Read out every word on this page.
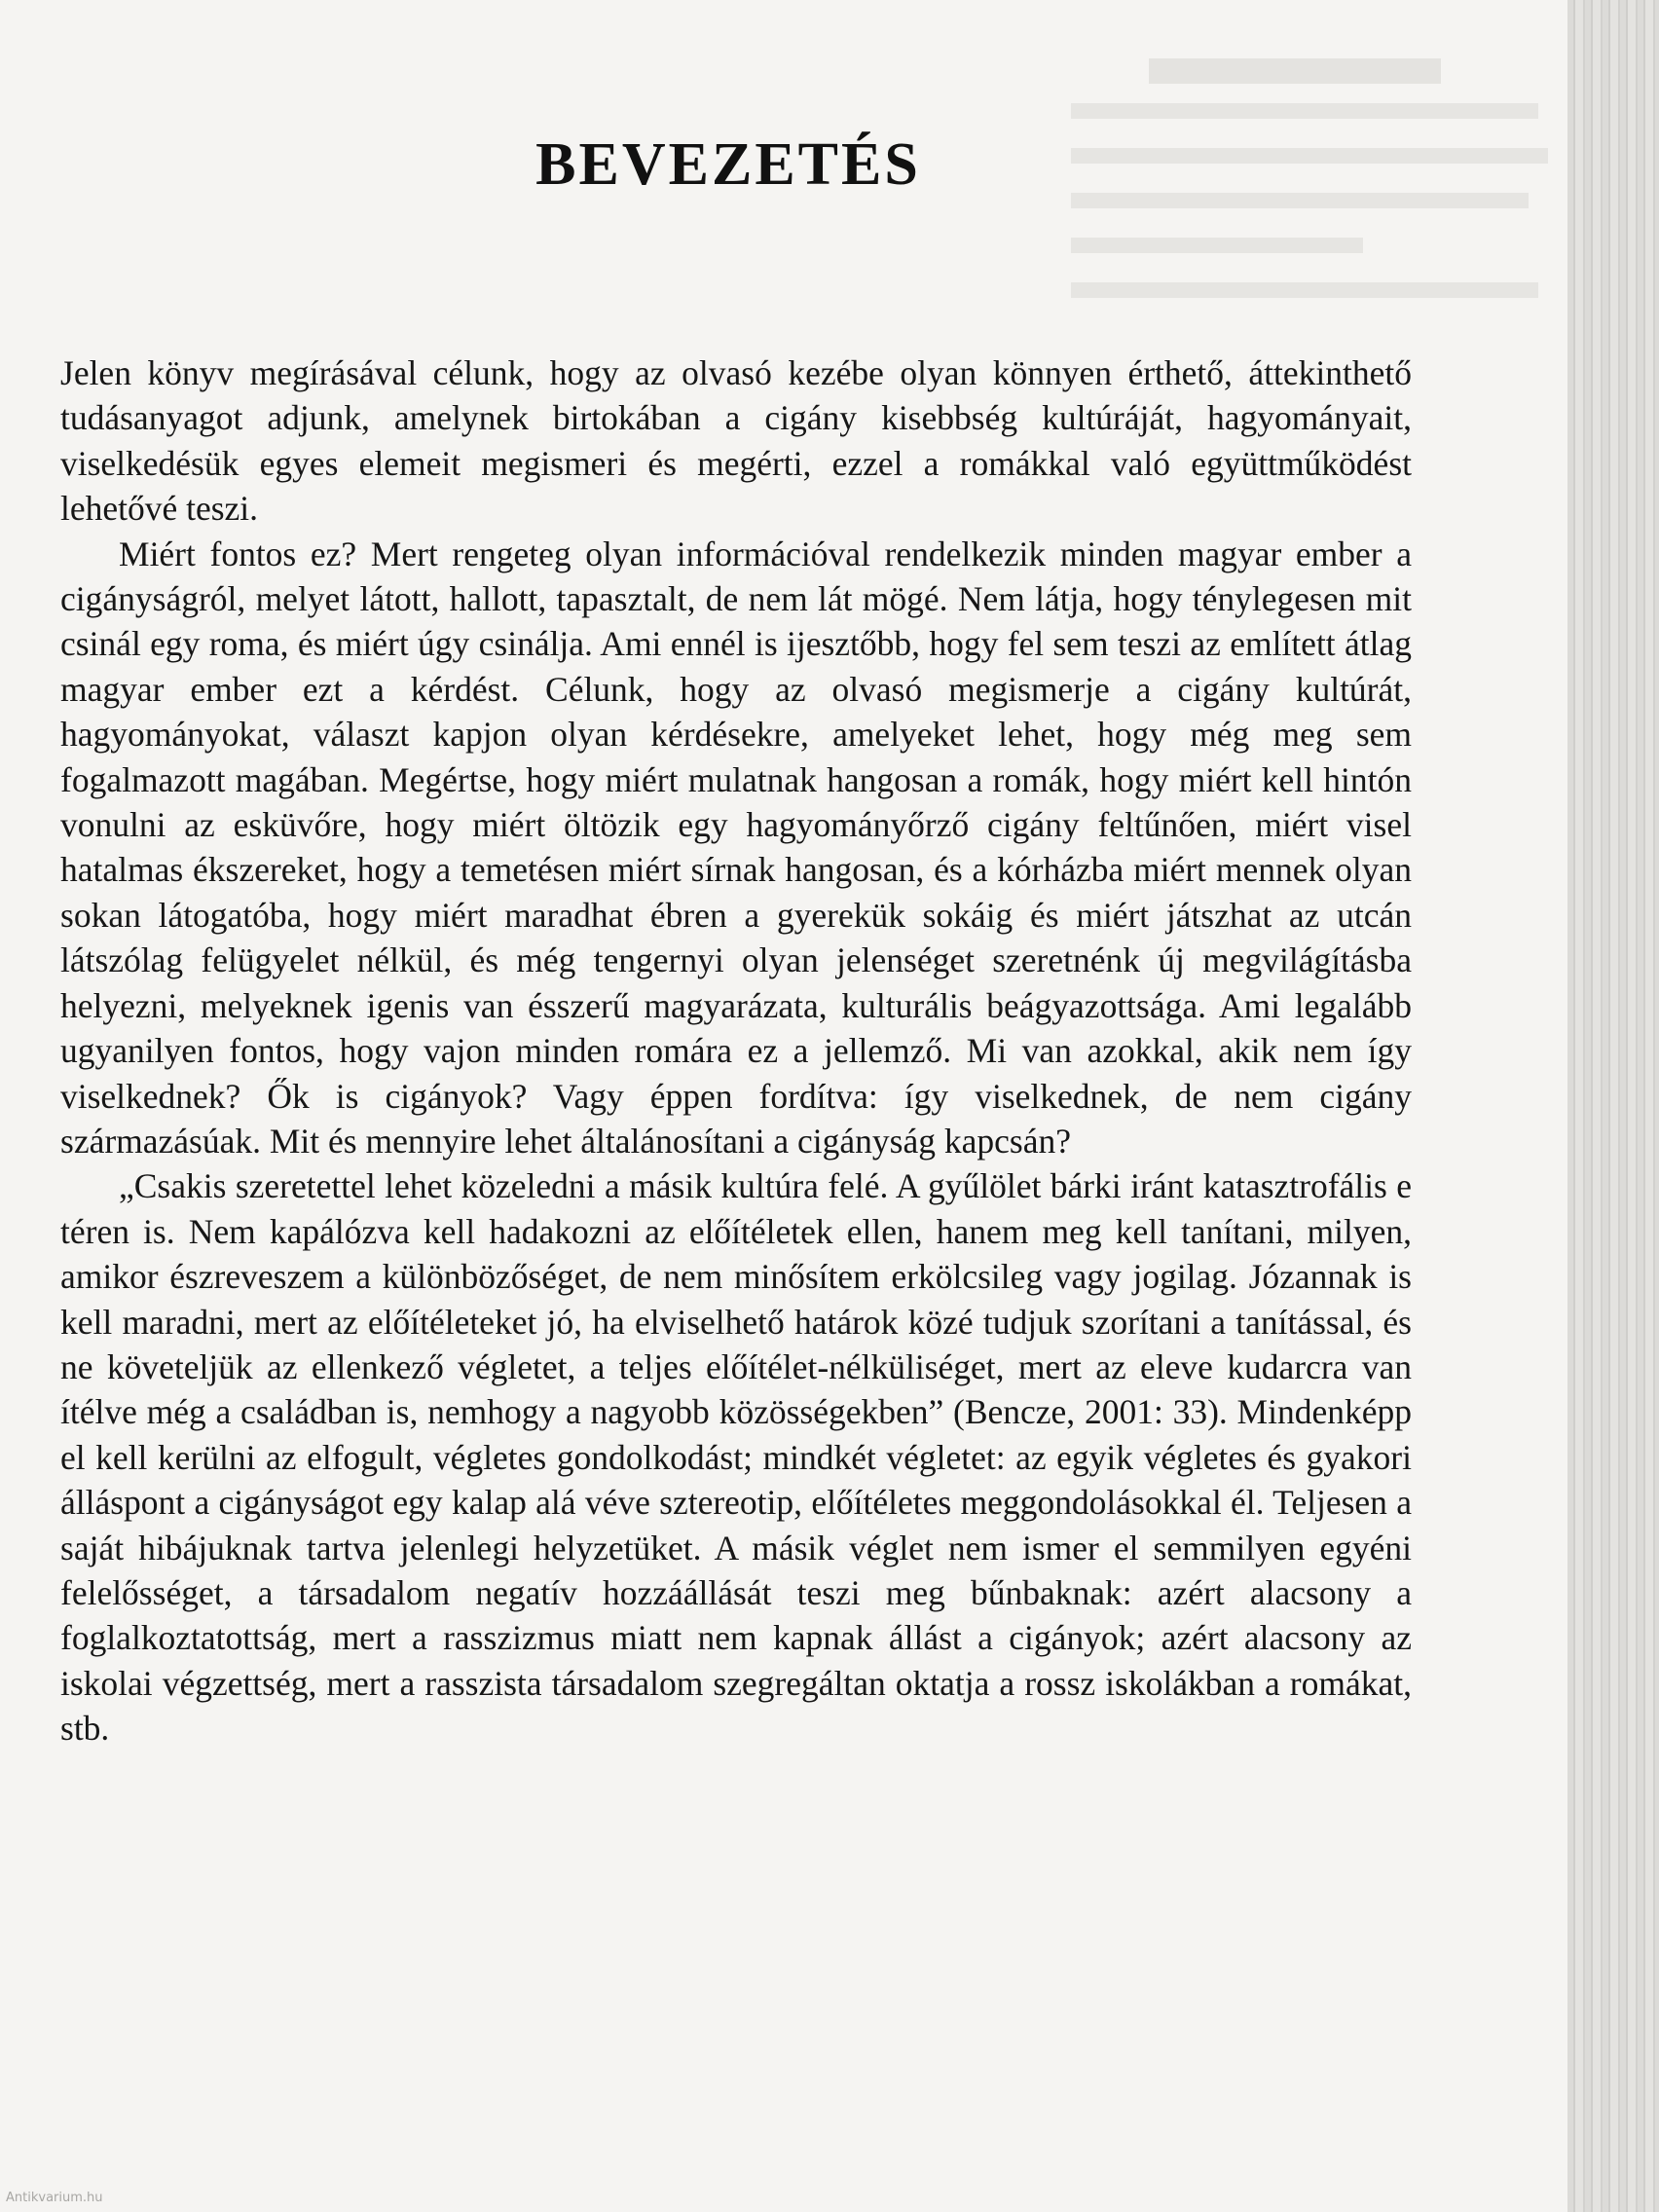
BEVEZETÉS

Jelen könyv megírásával célunk, hogy az olvasó kezébe olyan könnyen érthető, áttekinthető tudásanyagot adjunk, amelynek birtokában a cigány kisebbség kultúráját, hagyományait, viselkedésük egyes elemeit megismeri és megérti, ezzel a romákkal való együttműködést lehetővé teszi.

Miért fontos ez? Mert rengeteg olyan információval rendelkezik minden magyar ember a cigányságról, melyet látott, hallott, tapasztalt, de nem lát mögé. Nem látja, hogy ténylegesen mit csinál egy roma, és miért úgy csinálja. Ami ennél is ijesztőbb, hogy fel sem teszi az említett átlag magyar ember ezt a kérdést. Célunk, hogy az olvasó megismerje a cigány kultúrát, hagyományokat, választ kapjon olyan kérdésekre, amelyeket lehet, hogy még meg sem fogalmazott magában. Megértse, hogy miért mulatnak hangosan a romák, hogy miért kell hintón vonulni az esküvőre, hogy miért öltözik egy hagyományőrző cigány feltűnően, miért visel hatalmas ékszereket, hogy a temetésen miért sírnak hangosan, és a kórházba miért mennek olyan sokan látogatóba, hogy miért maradhat ébren a gyerekük sokáig és miért játszhat az utcán látszólag felügyelet nélkül, és még tengernyi olyan jelenséget szeretnénk új megvilágításba helyezni, melyeknek igenis van ésszerű magyarázata, kulturális beágyazottsága. Ami legalább ugyanilyen fontos, hogy vajon minden romára ez a jellemző. Mi van azokkal, akik nem így viselkednek? Ők is cigányok? Vagy éppen fordítva: így viselkednek, de nem cigány származásúak. Mit és mennyire lehet általánosítani a cigányság kapcsán?

„Csakis szeretettel lehet közeledni a másik kultúra felé. A gyűlölet bárki iránt katasztrofális e téren is. Nem kapálózva kell hadakozni az előítéletek ellen, hanem meg kell tanítani, milyen, amikor észreveszem a különbözőséget, de nem minősítem erkölcsileg vagy jogilag. Józannak is kell maradni, mert az előítéleteket jó, ha elviselhető határok közé tudjuk szorítani a tanítással, és ne követeljük az ellenkező végletet, a teljes előítélet-nélküliséget, mert az eleve kudarcra van ítélve még a családban is, nemhogy a nagyobb közösségekben” (Bencze, 2001: 33). Mindenképp el kell kerülni az elfogult, végletes gondolkodást; mindkét végletet: az egyik végletes és gyakori álláspont a cigányságot egy kalap alá véve sztereotip, előítéletes meggondolásokkal él. Teljesen a saját hibájuknak tartva jelenlegi helyzetüket. A másik véglet nem ismer el semmilyen egyéni felelősséget, a társadalom negatív hozzáállását teszi meg bűnbaknak: azért alacsony a foglalkoztatottság, mert a rasszizmus miatt nem kapnak állást a cigányok; azért alacsony az iskolai végzettség, mert a rasszista társadalom szegregáltan oktatja a rossz iskolákban a romákat, stb.

Antikvarium.hu
